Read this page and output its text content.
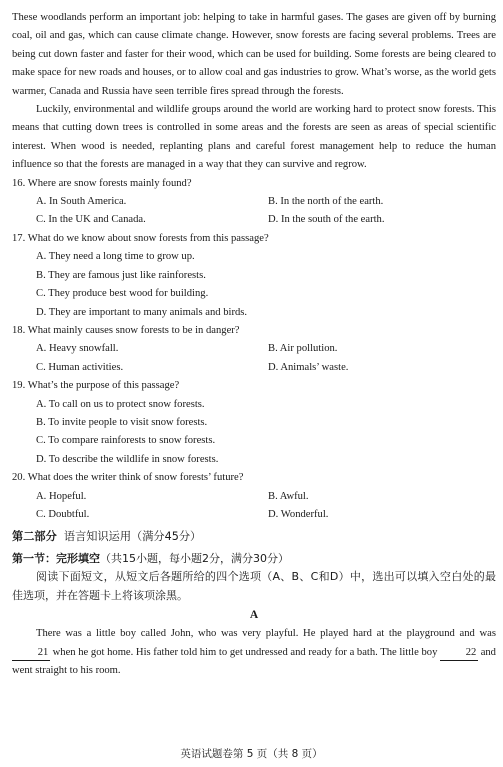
These woodlands perform an important job: helping to take in harmful gases. The gases are given off by burning coal, oil and gas, which can cause climate change. However, snow forests are facing several problems. Trees are being cut down faster and faster for their wood, which can be used for building. Some forests are being cleared to make space for new roads and houses, or to allow coal and gas industries to grow. What’s worse, as the world gets warmer, Canada and Russia have seen terrible fires spread through the forests.

Luckily, environmental and wildlife groups around the world are working hard to protect snow forests. This means that cutting down trees is controlled in some areas and the forests are seen as areas of special scientific interest. When wood is needed, replanting plans and careful forest management help to reduce the human influence so that the forests are managed in a way that they can survive and regrow.

16. Where are snow forests mainly found?
A. In South America.	B. In the north of the earth.
C. In the UK and Canada.	D. In the south of the earth.
17. What do we know about snow forests from this passage?
A. They need a long time to grow up.
B. They are famous just like rainforests.
C. They produce best wood for building.
D. They are important to many animals and birds.
18. What mainly causes snow forests to be in danger?
A. Heavy snowfall.	B. Air pollution.
C. Human activities.	D. Animals’ waste.
19. What’s the purpose of this passage?
A. To call on us to protect snow forests.
B. To invite people to visit snow forests.
C. To compare rainforests to snow forests.
D. To describe the wildlife in snow forests.
20. What does the writer think of snow forests’ future?
A. Hopeful.	B. Awful.
C. Doubtful.	D. Wonderful.
第二部分 语言知识运用（满分45分）
第一节：完形填空（共15小题，每小题2分，满分30分）

阅读下面短文，从短文后各题所给的四个选项（A、B、C和D）中，选出可以填入空白处的最佳选项，并在答题卡上将该项涂黑。

A

There was a little boy called John, who was very playful. He played hard at the playground and was 21 when he got home. His father told him to get undressed and ready for a bath. The little boy	22 and went straight to his room.

英语试题卷第 5 页（共 8 页）
